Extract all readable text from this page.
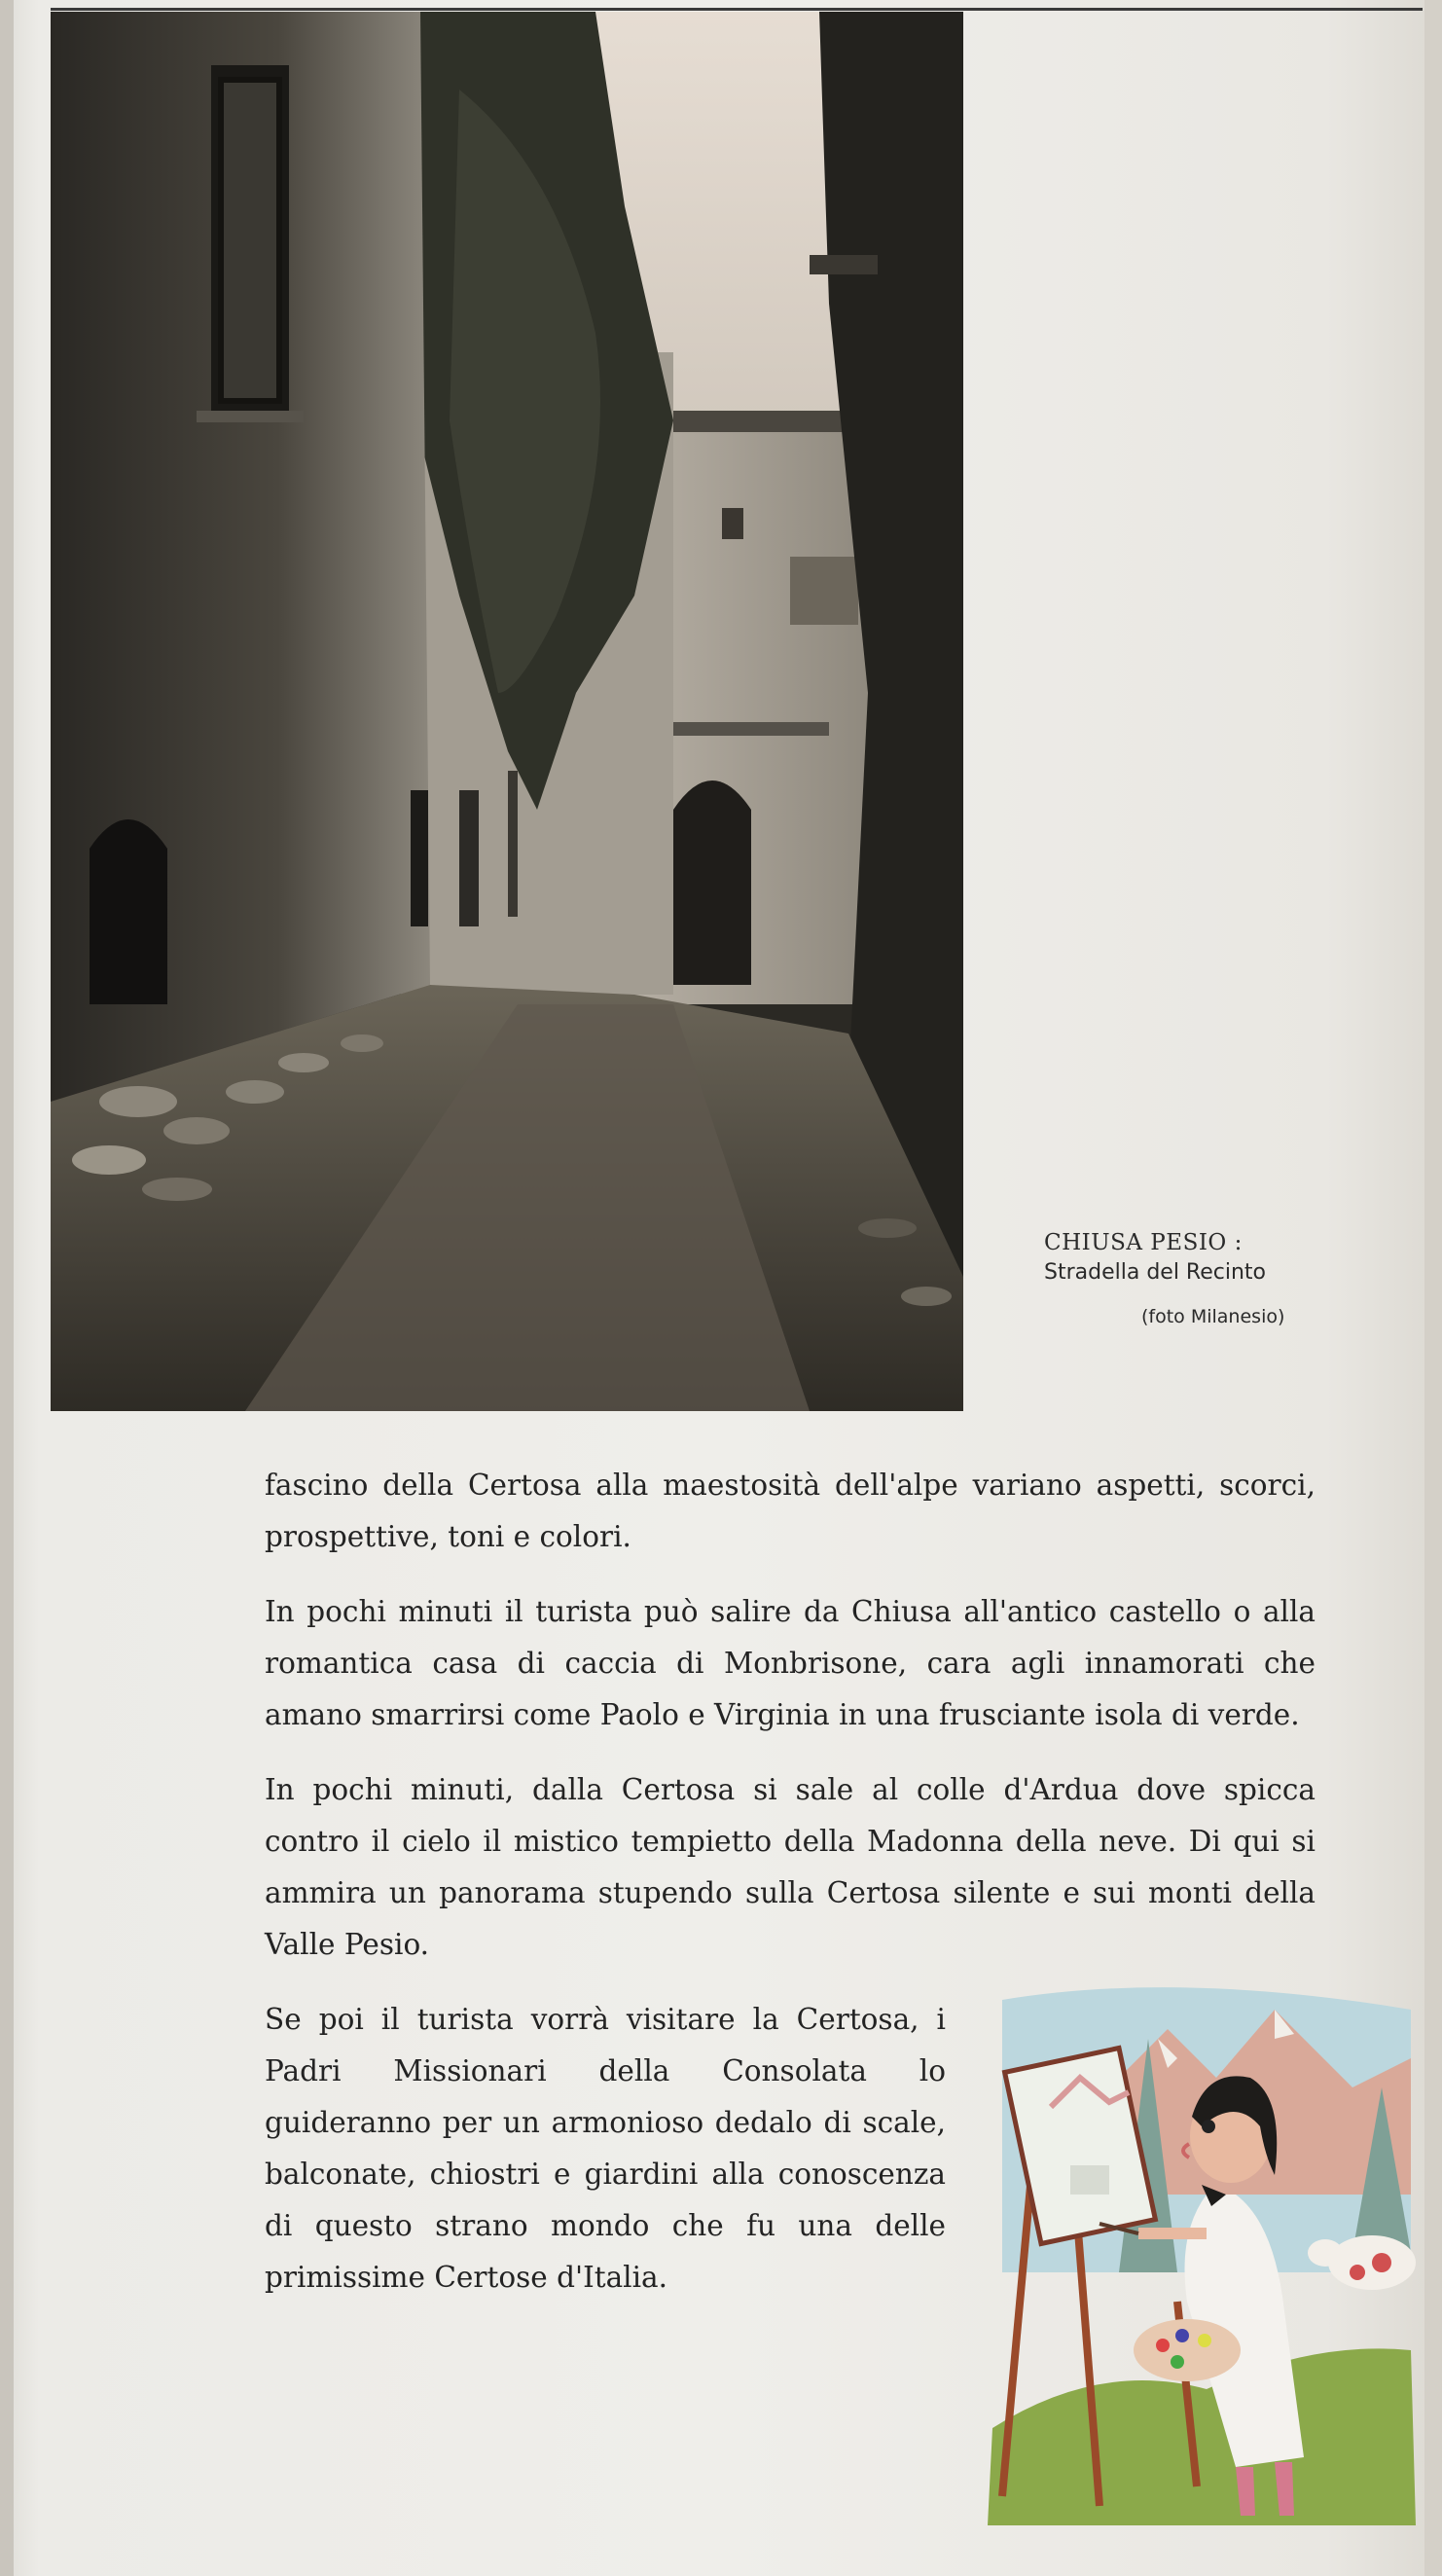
CHIUSA PESIO :
Stradella del Recinto
(foto Milanesio)

fascino della Certosa alla maestosità dell'alpe variano aspetti, scorci, prospettive, toni e colori.

In pochi minuti il turista può salire da Chiusa all'antico castello o alla romantica casa di caccia di Monbrisone, cara agli innamorati che amano smarrirsi come Paolo e Virginia in una frusciante isola di verde.

In pochi minuti, dalla Certosa si sale al colle d'Ardua dove spicca contro il cielo il mistico tempietto della Madonna della neve. Di qui si ammira un panorama stupendo sulla Certosa silente e sui monti della Valle Pesio.

Se poi il turista vorrà visitare la Certosa, i Padri Missionari della Consolata lo guideranno per un armonioso dedalo di scale, balconate, chiostri e giardini alla conoscenza di questo strano mondo che fu una delle primissime Certose d'Italia.
